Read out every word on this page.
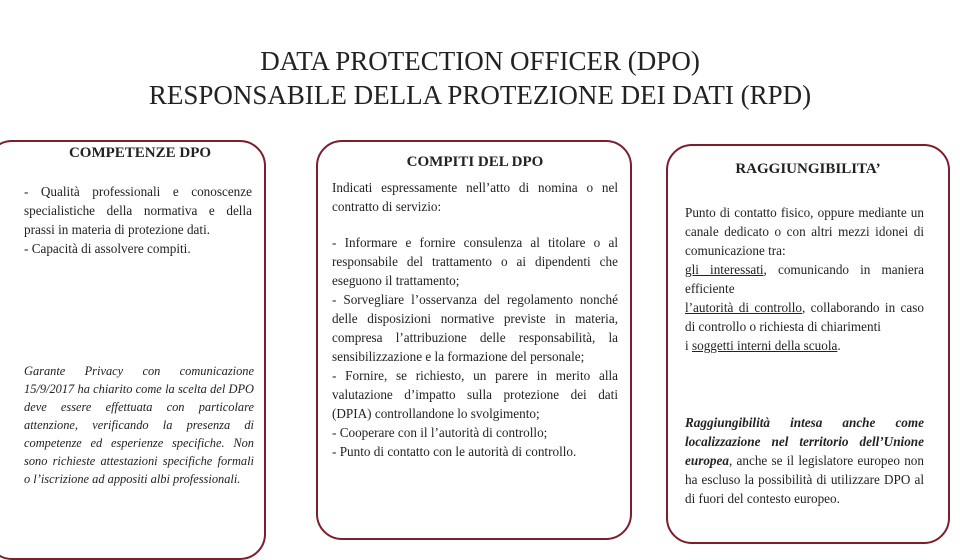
DATA PROTECTION OFFICER (DPO)
RESPONSABILE DELLA PROTEZIONE DEI DATI (RPD)
COMPETENZE DPO

- Qualità professionali e conoscenze specialistiche della normativa e della prassi in materia di protezione dati.

- Capacità di assolvere compiti.

Garante Privacy con comunicazione 15/9/2017 ha chiarito come la scelta del DPO deve essere effettuata con particolare attenzione, verificando la presenza di competenze ed esperienze specifiche. Non sono richieste attestazioni specifiche formali o l’iscrizione ad appositi albi professionali.
COMPITI DEL DPO
Indicati espressamente nell’atto di nomina o nel contratto di servizio:

- Informare e fornire consulenza al titolare o al responsabile del trattamento o ai dipendenti che eseguono il trattamento;

- Sorvegliare l’osservanza del regolamento nonché delle disposizioni normative previste in materia, compresa l’attribuzione delle responsabilità, la sensibilizzazione e la formazione del personale;

- Fornire, se richiesto, un parere in merito alla valutazione d’impatto sulla protezione dei dati (DPIA) controllandone lo svolgimento;

- Cooperare con il l’autorità di controllo;

- Punto di contatto con le autorità di controllo.

RAGGIUNGIBILITA’

Punto di contatto fisico, oppure mediante un canale dedicato o con altri mezzi idonei di comunicazione tra:

gli interessati, comunicando in maniera efficiente

l’autorità di controllo, collaborando in caso di controllo o richiesta di chiarimenti

i soggetti interni della scuola.

Raggiungibilità intesa anche come localizzazione nel territorio dell’Unione europea, anche se il legislatore europeo non ha escluso la possibilità di utilizzare DPO al di fuori del contesto europeo.
